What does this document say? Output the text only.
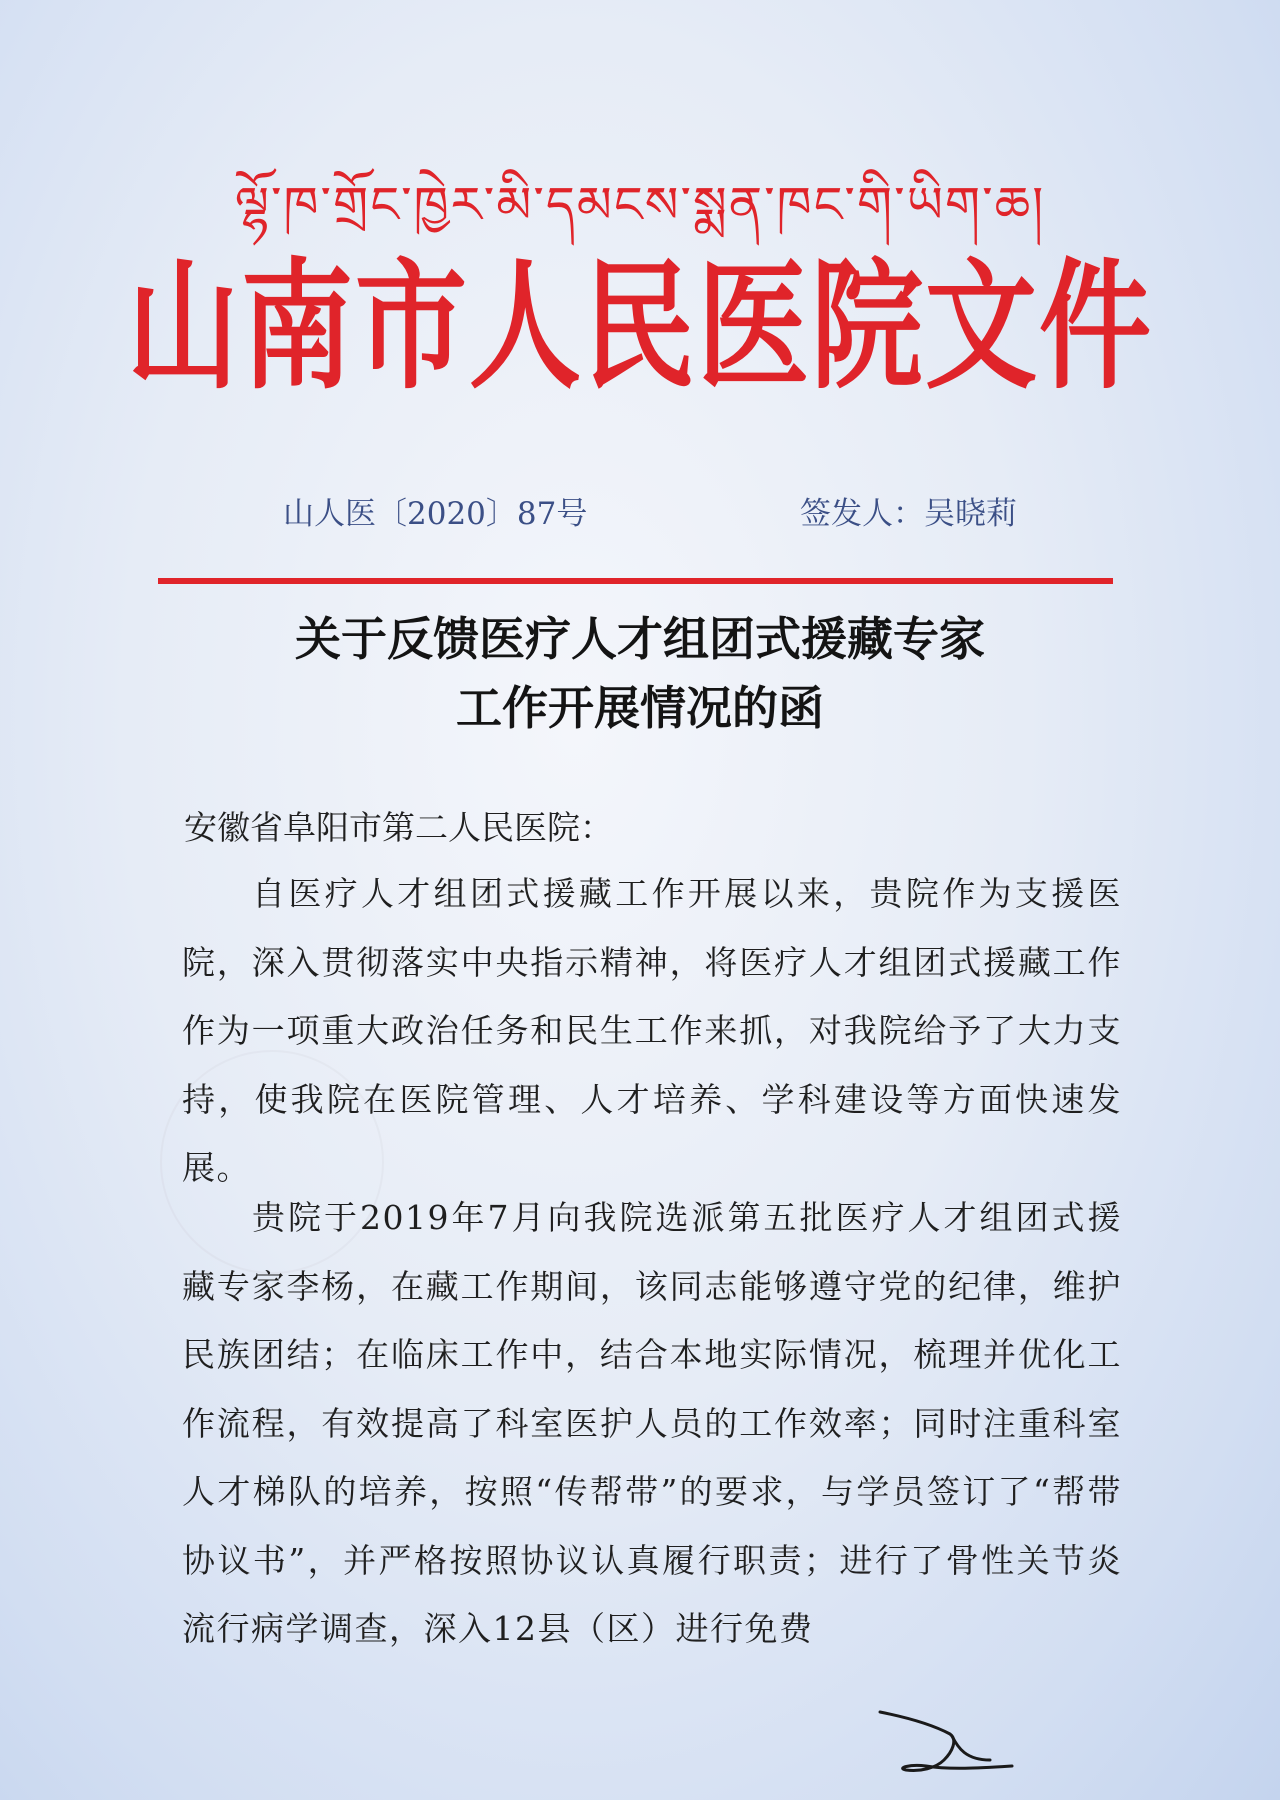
ལྷོ་ཁ་གྲོང་ཁྱེར་མི་དམངས་སྨན་ཁང་གི་ཡིག་ཆ།
山南市人民医院文件
山人医〔2020〕87号	签发人：吴晓莉
关于反馈医疗人才组团式援藏专家
工作开展情况的函
安徽省阜阳市第二人民医院：
自医疗人才组团式援藏工作开展以来，贵院作为支援医院，深入贯彻落实中央指示精神，将医疗人才组团式援藏工作作为一项重大政治任务和民生工作来抓，对我院给予了大力支持，使我院在医院管理、人才培养、学科建设等方面快速发展。
贵院于2019年7月向我院选派第五批医疗人才组团式援藏专家李杨，在藏工作期间，该同志能够遵守党的纪律，维护民族团结；在临床工作中，结合本地实际情况，梳理并优化工作流程，有效提高了科室医护人员的工作效率；同时注重科室人才梯队的培养，按照“传帮带”的要求，与学员签订了“帮带协议书”，并严格按照协议认真履行职责；进行了骨性关节炎流行病学调查，深入12县（区）进行免费
